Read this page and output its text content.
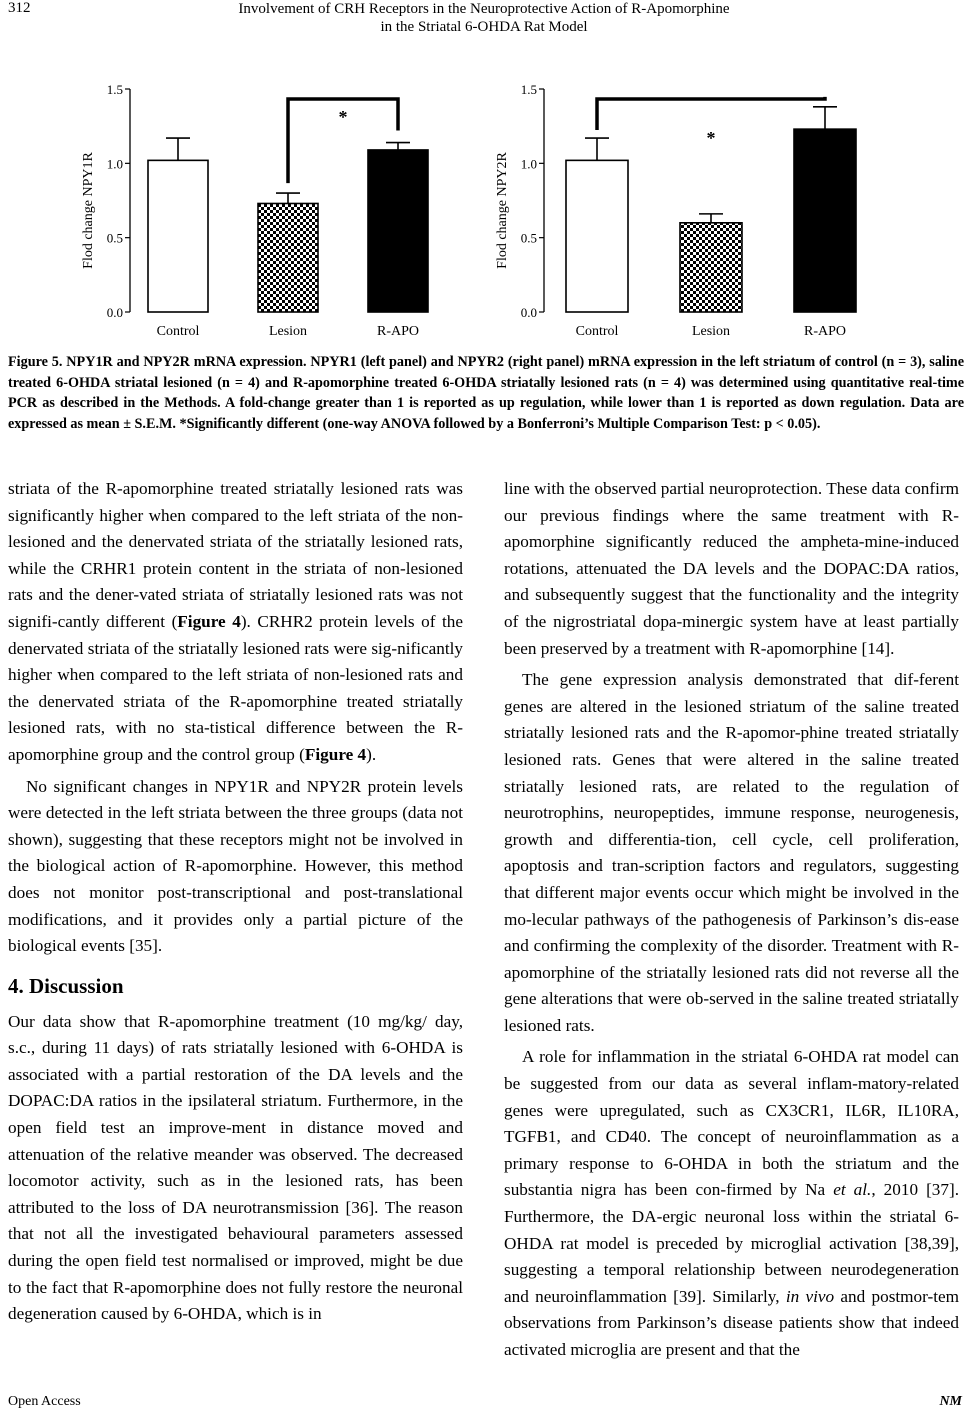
312	Involvement of CRH Receptors in the Neuroprotective Action of R-Apomorphine
in the Striatal 6-OHDA Rat Model
0.0
0.5
1.0
1.5
Flod change NPY1R
Control	Lesion	R-APO
*
0.0
0.5
1.0
1.5
Flod change NPY2R
Control	Lesion	R-APO
*
Figure 5. NPY1R and NPY2R mRNA expression. NPYR1 (left panel) and NPYR2 (right panel) mRNA expression in the left striatum of control (n = 3), saline treated 6-OHDA striatal lesioned (n = 4) and R-apomorphine treated 6-OHDA striatally lesioned rats (n = 4) was determined using quantitative real-time PCR as described in the Methods. A fold-change greater than 1 is reported as up regulation, while lower than 1 is reported as down regulation. Data are expressed as mean ± S.E.M. *Significantly different (one-way ANOVA followed by a Bonferroni’s Multiple Comparison Test: p < 0.05).

striata of the R-apomorphine treated striatally lesioned rats was significantly higher when compared to the left striata of the non-lesioned and the denervated striata of the striatally lesioned rats, while the CRHR1 protein content in the striata of non-lesioned rats and the dener-vated striata of striatally lesioned rats was not signifi-cantly different (Figure 4). CRHR2 protein levels of the denervated striata of the striatally lesioned rats were sig-nificantly higher when compared to the left striata of non-lesioned rats and the denervated striata of the R-apomorphine treated striatally lesioned rats, with no sta-tistical difference between the R-apomorphine group and the control group (Figure 4).

No significant changes in NPY1R and NPY2R protein levels were detected in the left striata between the three groups (data not shown), suggesting that these receptors might not be involved in the biological action of R-apomorphine. However, this method does not monitor post-transcriptional and post-translational modifications, and it provides only a partial picture of the biological events [35].

4. Discussion

Our data show that R-apomorphine treatment (10 mg/kg/ day, s.c., during 11 days) of rats striatally lesioned with 6-OHDA is associated with a partial restoration of the DA levels and the DOPAC:DA ratios in the ipsilateral striatum. Furthermore, in the open field test an improve-ment in distance moved and attenuation of the relative meander was observed. The decreased locomotor activity, such as in the lesioned rats, has been attributed to the loss of DA neurotransmission [36]. The reason that not all the investigated behavioural parameters assessed during the open field test normalised or improved, might be due to the fact that R-apomorphine does not fully restore the neuronal degeneration caused by 6-OHDA, which is in

line with the observed partial neuroprotection. These data confirm our previous findings where the same treatment with R-apomorphine significantly reduced the ampheta-mine-induced rotations, attenuated the DA levels and the DOPAC:DA ratios, and subsequently suggest that the functionality and the integrity of the nigrostriatal dopa-minergic system have at least partially been preserved by a treatment with R-apomorphine [14].

The gene expression analysis demonstrated that dif-ferent genes are altered in the lesioned striatum of the saline treated striatally lesioned rats and the R-apomor-phine treated striatally lesioned rats. Genes that were altered in the saline treated striatally lesioned rats, are related to the regulation of neurotrophins, neuropeptides, immune response, neurogenesis, growth and differentia-tion, cell cycle, cell proliferation, apoptosis and tran-scription factors and regulators, suggesting that different major events occur which might be involved in the mo-lecular pathways of the pathogenesis of Parkinson’s dis-ease and confirming the complexity of the disorder. Treatment with R-apomorphine of the striatally lesioned rats did not reverse all the gene alterations that were ob-served in the saline treated striatally lesioned rats.

A role for inflammation in the striatal 6-OHDA rat model can be suggested from our data as several inflam-matory-related genes were upregulated, such as CX3CR1, IL6R, IL10RA, TGFB1, and CD40. The concept of neuroinflammation as a primary response to 6-OHDA in both the striatum and the substantia nigra has been con-firmed by Na et al., 2010 [37]. Furthermore, the DA-ergic neuronal loss within the striatal 6-OHDA rat model is preceded by microglial activation [38,39], suggesting a temporal relationship between neurodegeneration and neuroinflammation [39]. Similarly, in vivo and postmor-tem observations from Parkinson’s disease patients show that indeed activated microglia are present and that the

Open Access	NM
